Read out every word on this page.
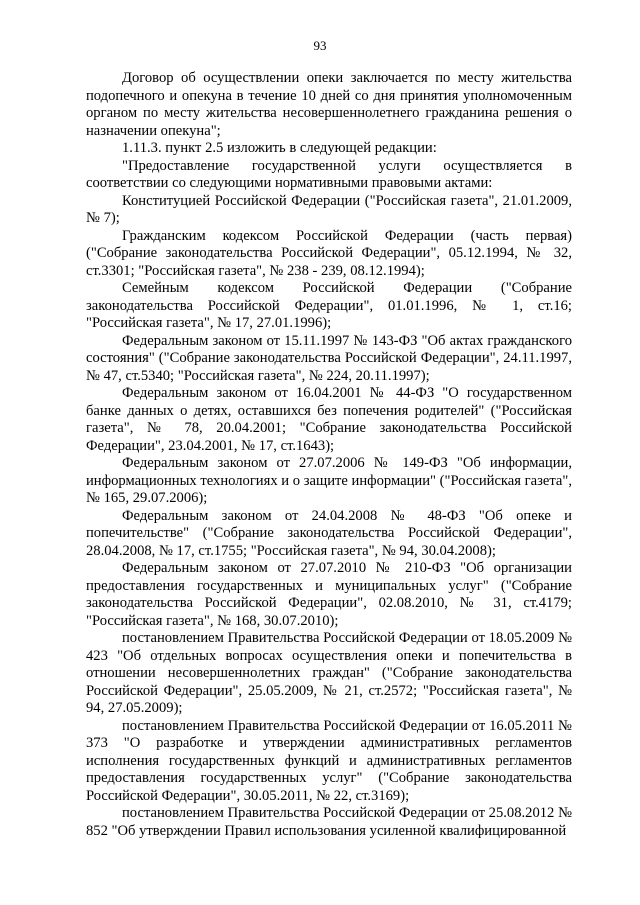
93

Договор об осуществлении опеки заключается по месту жительства подопечного и опекуна в течение 10 дней со дня принятия уполномоченным органом по месту жительства несовершеннолетнего гражданина решения о назначении опекуна";

1.11.3. пункт 2.5 изложить в следующей редакции:

"Предоставление государственной услуги осуществляется в соответствии со следующими нормативными правовыми актами:

Конституцией Российской Федерации ("Российская газета", 21.01.2009, № 7);

Гражданским кодексом Российской Федерации (часть первая) ("Собрание законодательства Российской Федерации", 05.12.1994, № 32, ст.3301; "Российская газета", № 238 - 239, 08.12.1994);

Семейным кодексом Российской Федерации ("Собрание законодательства Российской Федерации", 01.01.1996, № 1, ст.16; "Российская газета", № 17, 27.01.1996);

Федеральным законом от 15.11.1997 № 143-ФЗ "Об актах гражданского состояния" ("Собрание законодательства Российской Федерации", 24.11.1997, № 47, ст.5340; "Российская газета", № 224, 20.11.1997);

Федеральным законом от 16.04.2001 № 44-ФЗ "О государственном банке данных о детях, оставшихся без попечения родителей" ("Российская газета", № 78, 20.04.2001; "Собрание законодательства Российской Федерации", 23.04.2001, № 17, ст.1643);

Федеральным законом от 27.07.2006 № 149-ФЗ "Об информации, информационных технологиях и о защите информации" ("Российская газета", № 165, 29.07.2006);

Федеральным законом от 24.04.2008 № 48-ФЗ "Об опеке и попечительстве" ("Собрание законодательства Российской Федерации", 28.04.2008, № 17, ст.1755; "Российская газета", № 94, 30.04.2008);

Федеральным законом от 27.07.2010 № 210-ФЗ "Об организации предоставления государственных и муниципальных услуг" ("Собрание законодательства Российской Федерации", 02.08.2010, № 31, ст.4179; "Российская газета", № 168, 30.07.2010);

постановлением Правительства Российской Федерации от 18.05.2009 № 423 "Об отдельных вопросах осуществления опеки и попечительства в отношении несовершеннолетних граждан" ("Собрание законодательства Российской Федерации", 25.05.2009, № 21, ст.2572; "Российская газета", № 94, 27.05.2009);

постановлением Правительства Российской Федерации от 16.05.2011 № 373 "О разработке и утверждении административных регламентов исполнения государственных функций и административных регламентов предоставления государственных услуг" ("Собрание законодательства Российской Федерации", 30.05.2011, № 22, ст.3169);

постановлением Правительства Российской Федерации от 25.08.2012 № 852 "Об утверждении Правил использования усиленной квалифицированной
